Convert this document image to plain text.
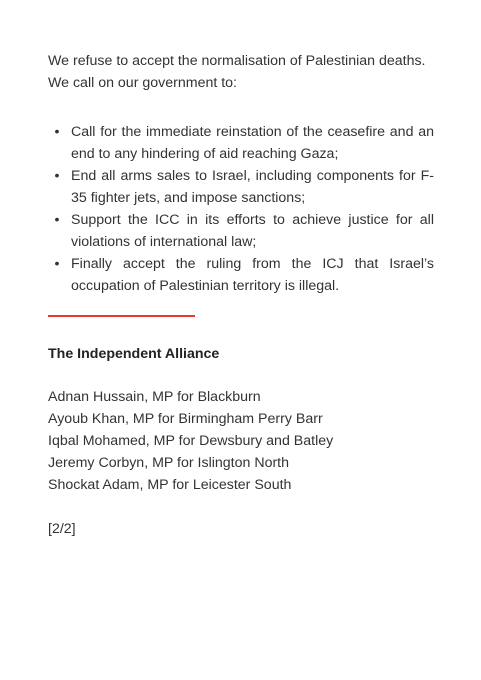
We refuse to accept the normalisation of Palestinian deaths.
We call on our government to:

• Call for the immediate reinstation of the ceasefire and an end to any hindering of aid reaching Gaza;
• End all arms sales to Israel, including components for F-35 fighter jets, and impose sanctions;
• Support the ICC in its efforts to achieve justice for all violations of international law;
• Finally accept the ruling from the ICJ that Israel’s occupation of Palestinian territory is illegal.
The Independent Alliance
Adnan Hussain, MP for Blackburn
Ayoub Khan, MP for Birmingham Perry Barr
Iqbal Mohamed, MP for Dewsbury and Batley
Jeremy Corbyn, MP for Islington North
Shockat Adam, MP for Leicester South
[2/2]
